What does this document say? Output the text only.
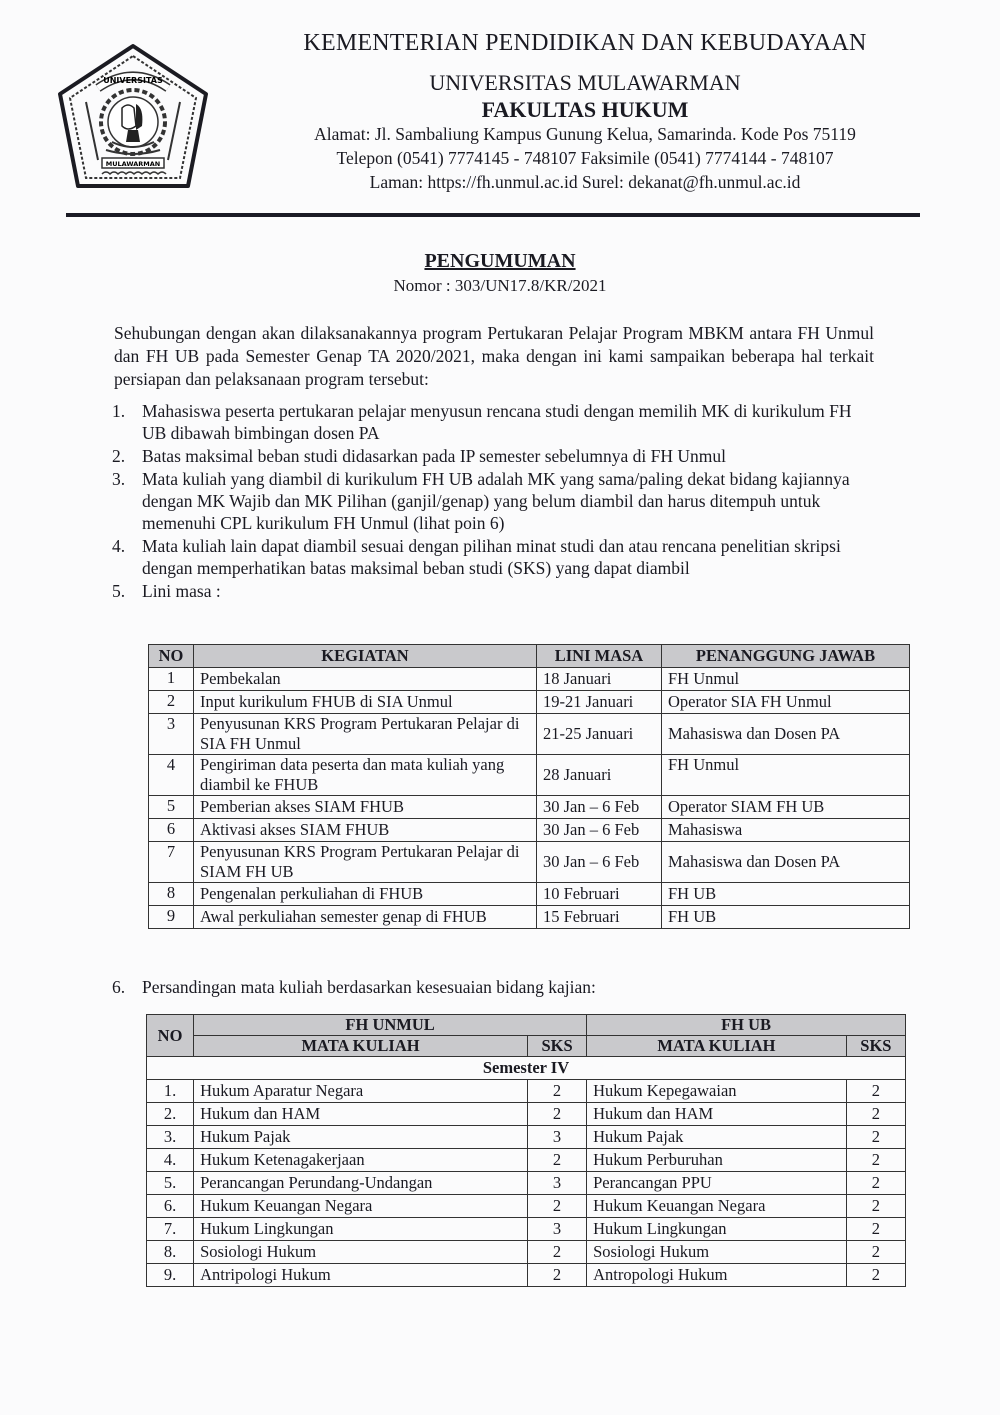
UNIVERSITAS
MULAWARMAN
KEMENTERIAN PENDIDIKAN DAN KEBUDAYAAN
UNIVERSITAS MULAWARMAN
FAKULTAS HUKUM
Alamat: Jl. Sambaliung Kampus Gunung Kelua, Samarinda. Kode Pos 75119
Telepon (0541) 7774145 - 748107 Faksimile (0541) 7774144 - 748107
Laman: https://fh.unmul.ac.id Surel: dekanat@fh.unmul.ac.id
PENGUMUMAN
Nomor : 303/UN17.8/KR/2021
Sehubungan dengan akan dilaksanakannya program Pertukaran Pelajar Program MBKM antara FH Unmul dan FH UB pada Semester Genap TA 2020/2021, maka dengan ini kami sampaikan beberapa hal terkait persiapan dan pelaksanaan program tersebut:
1. Mahasiswa peserta pertukaran pelajar menyusun rencana studi dengan memilih MK di kurikulum FH UB dibawah bimbingan dosen PA
2. Batas maksimal beban studi didasarkan pada IP semester sebelumnya di FH Unmul
3. Mata kuliah yang diambil di kurikulum FH UB adalah MK yang sama/paling dekat bidang kajiannya dengan MK Wajib dan MK Pilihan (ganjil/genap) yang belum diambil dan harus ditempuh untuk memenuhi CPL kurikulum FH Unmul (lihat poin 6)
4. Mata kuliah lain dapat diambil sesuai dengan pilihan minat studi dan atau rencana penelitian skripsi dengan memperhatikan batas maksimal beban studi (SKS) yang dapat diambil
5. Lini masa :
NO	KEGIATAN	LINI MASA	PENANGGUNG JAWAB
1	Pembekalan	18 Januari	FH Unmul
2	Input kurikulum FHUB di SIA Unmul	19-21 Januari	Operator SIA FH Unmul
3	Penyusunan KRS Program Pertukaran Pelajar di SIA FH Unmul	21-25 Januari	Mahasiswa dan Dosen PA
4	Pengiriman data peserta dan mata kuliah yang diambil ke FHUB	28 Januari	FH Unmul
5	Pemberian akses SIAM FHUB	30 Jan – 6 Feb	Operator SIAM FH UB
6	Aktivasi akses SIAM FHUB	30 Jan – 6 Feb	Mahasiswa
7	Penyusunan KRS Program Pertukaran Pelajar di SIAM FH UB	30 Jan – 6 Feb	Mahasiswa dan Dosen PA
8	Pengenalan perkuliahan di FHUB	10 Februari	FH UB
9	Awal perkuliahan semester genap di FHUB	15 Februari	FH UB
6. Persandingan mata kuliah berdasarkan kesesuaian bidang kajian:
NO	FH UNMUL		FH UB	
	MATA KULIAH	SKS	MATA KULIAH	SKS
Semester IV				
1.	Hukum Aparatur Negara	2	Hukum Kepegawaian	2
2.	Hukum dan HAM	2	Hukum dan HAM	2
3.	Hukum Pajak	3	Hukum Pajak	2
4.	Hukum Ketenagakerjaan	2	Hukum Perburuhan	2
5.	Perancangan Perundang-Undangan	3	Perancangan PPU	2
6.	Hukum Keuangan Negara	2	Hukum Keuangan Negara	2
7.	Hukum Lingkungan	3	Hukum Lingkungan	2
8.	Sosiologi Hukum	2	Sosiologi Hukum	2
9.	Antripologi Hukum	2	Antropologi Hukum	2
